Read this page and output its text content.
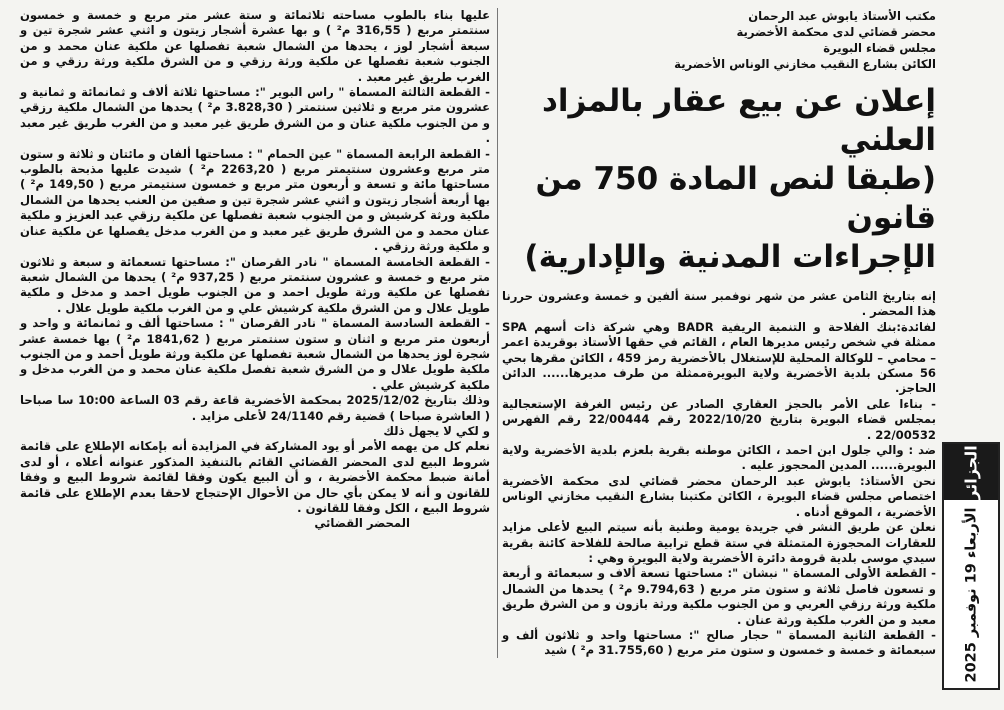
مكتب الأستاذ يابوش عبد الرحمان
محضر قضائي لدى محكمة الأخضرية
مجلس قضاء البويرة
الكائن بشارع النقيب مخازني الوناس الأخضرية
إعلان عن بيع عقار بالمزاد العلني
(طبقا لنص المادة 750 من قانون
الإجراءات المدنية والإدارية)

إنه بتاريخ الثامن عشر من شهر نوفمبر سنة ألفين و خمسة وعشرون حررنا هذا المحضر .

لفائدة:بنك الفلاحة و التنمية الريفية BADR وهي شركة ذات أسهم SPA ممثلة في شخص رئيس مديرها العام ، القائم في حقها الأستاذ بوقريدة اعمر – محامي – للوكالة المحلية للإستغلال بالأخضرية رمز 459 ، الكائن مقرها بحي 56 مسكن بلدية الأخضرية ولاية البويرةممثلة من طرف مديرها...... الدائن الحاجز.

- بناءا على الأمر بالحجز العقاري الصادر عن رئيس الغرفة الإستعجالية بمجلس قضاء البويرة بتاريخ 2022/10/20 رقم 22/00444 رقم الفهرس 22/00532 .

ضد : والي جلول ابن احمد ، الكائن موطنه بقرية بلعزم بلدية الأخضرية ولاية البويرة...... المدين المحجوز عليه .

نحن الأستاذ: يابوش عبد الرحمان محضر قضائي لدى محكمة الأخضرية اختصاص مجلس قضاء البويرة ، الكائن مكتبنا بشارع النقيب مخازني الوناس الأخضرية ، الموقع أدناه .

نعلن عن طريق النشر في جريدة يومية وطنية بأنه سيتم البيع لأعلى مزايد للعقارات المحجوزة المتمثلة في ستة قطع ترابية صالحة للفلاحة كائنة بقرية سيدي موسى بلدية قرومة دائرة الأخضرية ولاية البويرة وهي :

- القطعة الأولى المسماة " نبشان ": مساحتها تسعة ألاف و سبعمائة و أربعة و تسعون فاصل ثلاثة و ستون متر مربع ( 9.794,63 م² ) يحدها من الشمال ملكية ورثة رزقي العربي و من الجنوب ملكية ورثة بازون و من الشرق طريق معبد و من الغرب ملكية ورثة عنان .

- القطعة الثانية المسماة " حجار صالح ": مساحتها واحد و ثلاثون ألف و سبعمائة و خمسة و خمسون و ستون متر مربع ( 31.755,60 م² ) شيد

عليها بناء بالطوب مساحته ثلاثمائة و ستة عشر متر مربع و خمسة و خمسون سنتمتر مربع ( 316,55 م² ) و بها عشرة أشجار زيتون و اثني عشر شجرة تين و سبعة أشجار لوز ، يحدها من الشمال شعبة تفصلها عن ملكية عنان محمد و من الجنوب شعبة تفصلها عن ملكية ورثة رزقي و من الشرق ملكية ورثة رزقي و من الغرب طريق غير معبد .

- القطعة الثالثة المسماة " راس البوير ": مساحتها ثلاثة ألاف و ثمانمائة و ثمانية و عشرون متر مربع و ثلاثين سنتمتر ( 3.828,30 م² ) يحدها من الشمال ملكية رزقي و من الجنوب ملكية عنان و من الشرق طريق غير معبد و من الغرب طريق غير معبد .

- القطعة الرابعة المسماة " عين الحمام " : مساحتها ألفان و مائتان و ثلاثة و ستون متر مربع وعشرون سنتيمتر مربع ( 2263,20 م² ) شيدت عليها مذبحة بالطوب مساحتها مائة و تسعة و أربعون متر مربع و خمسون سنتيمتر مربع ( 149,50 م² ) بها أربعة أشجار زيتون و اثني عشر شجرة تين و صفين من العنب يحدها من الشمال ملكية ورثة كرشيش و من الجنوب شعبة تفصلها عن ملكية رزقي عبد العزيز و ملكية عنان محمد و من الشرق طريق غير معبد و من الغرب مدخل يفصلها عن ملكية عنان و ملكية ورثة رزقي .

- القطعة الخامسة المسماة " نادر القرصان ": مساحتها تسعمائة و سبعة و ثلاثون متر مربع و خمسة و عشرون سنتمتر مربع ( 937,25 م² ) يحدها من الشمال شعبة تفصلها عن ملكية ورثة طويل احمد و من الجنوب طويل احمد و مدخل و ملكية طويل علال و من الشرق ملكية كرشيش علي و من الغرب ملكية طويل علال .

- القطعة السادسة المسماة " نادر القرصان " : مساحتها ألف و ثمانمائة و واحد و أربعون متر مربع و اثنان و ستون سنتمتر مربع ( 1841,62 م² ) بها خمسة عشر شجرة لوز يحدها من الشمال شعبة تفصلها عن ملكية ورثة طويل أحمد و من الجنوب ملكية طويل علال و من الشرق شعبة تفصل ملكية عنان محمد و من الغرب مدخل و ملكية كرشيش علي .

وذلك بتاريخ 2025/12/02 بمحكمة الأخضرية قاعة رقم 03 الساعة 10:00 سا صباحا ( العاشرة صباحا ) قضية رقم 24/1140 لأعلى مزايد .

و لكي لا يجهل ذلك

نعلم كل من يهمه الأمر أو يود المشاركة في المزايدة أنه بإمكانه الإطلاع على قائمة شروط البيع لدى المحضر القضائي القائم بالتنفيذ المذكور عنوانه أعلاه ، أو لدى أمانة ضبط محكمة الأخضرية ، و أن البيع يكون وفقا لقائمة شروط البيع و وفقا للقانون و أنه لا يمكن بأي حال من الأحوال الإحتجاج لاحقا بعدم الإطلاع على قائمة شروط البيع ، الكل وفقا للقانون .

المحضر القضائي

الجزائر
الأربعاء 19 نوفمبر 2025
